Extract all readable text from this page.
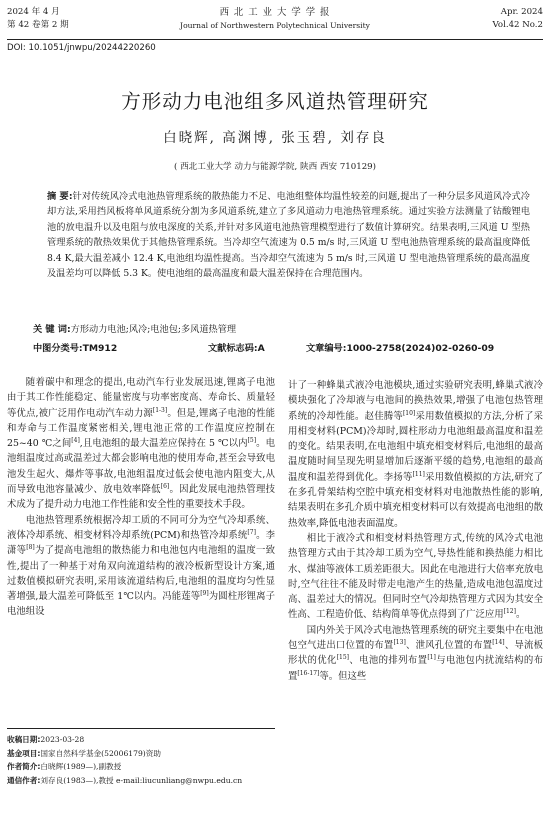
2024 年 4 月
第 42 卷第 2 期
西 北 工 业 大 学 学 报
Journal of Northwestern Polytechnical University
Apr. 2024
Vol.42 No.2
DOI: 10.1051/jnwpu/20244220260
方形动力电池组多风道热管理研究
白晓辉, 高渊博, 张玉碧, 刘存良
( 西北工业大学 动力与能源学院, 陕西 西安 710129)
摘 要:针对传统风冷式电池热管理系统的散热能力不足、电池组整体均温性较差的问题,提出了一种分层多风道风冷式冷却方法,采用挡风板将单风道系统分割为多风道系统,建立了多风道动力电池热管理系统。通过实验方法测量了钴酸锂电池的放电温升以及电阻与放电深度的关系,并针对多风道电池热管理模型进行了数值计算研究。结果表明,三风道 U 型热管理系统的散热效果优于其他热管理系统。当冷却空气流速为 0.5 m/s 时,三风道 U 型电池热管理系统的最高温度降低8.4 K,最大温差减小 12.4 K,电池组均温性提高。当冷却空气流速为 5 m/s 时,三风道 U 型电池热管理系统的最高温度及温差均可以降低 5.3 K。使电池组的最高温度和最大温差保持在合理范围内。
关 键 词:方形动力电池;风冷;电池包;多风道热管理
中图分类号:TM912	文献标志码:A	文章编号:1000-2758(2024)02-0260-09

随着碳中和理念的提出,电动汽车行业发展迅速,锂离子电池由于其工作性能稳定、能量密度与功率密度高、寿命长、质量轻等优点,被广泛用作电动汽车动力源[1-3]。但是,锂离子电池的性能和寿命与工作温度紧密相关,锂电池正常的工作温度应控制在 25~40 ℃之间[4],且电池组的最大温差应保持在 5 ℃以内[5]。电池组温度过高或温差过大都会影响电池的使用寿命,甚至会导致电池发生起火、爆炸等事故,电池组温度过低会使电池内阻变大,从而导致电池容量减少、放电效率降低[6]。因此发展电池热管理技术成为了提升动力电池工作性能和安全性的重要技术手段。

电池热管理系统根据冷却工质的不同可分为空气冷却系统、液体冷却系统、相变材料冷却系统(PCM)和热管冷却系统[7]。李潇等[8]为了提高电池组的散热能力和电池包内电池组的温度一致性,提出了一种基于对角双向流道结构的液冷板新型设计方案,通过数值模拟研究表明,采用该流道结构后,电池组的温度均匀性显著增强,最大温差可降低至 1℃以内。冯能莲等[9]为圆柱形锂离子电池组设

计了一种蜂巢式液冷电池模块,通过实验研究表明,蜂巢式液冷模块强化了冷却液与电池间的换热效果,增强了电池包热管理系统的冷却性能。赵佳腾等[10]采用数值模拟的方法,分析了采用相变材料(PCM)冷却时,圆柱形动力电池组最高温度和温差的变化。结果表明,在电池组中填充相变材料后,电池组的最高温度随时间呈现先明显增加后逐渐平缓的趋势,电池组的最高温度和温差得到优化。李扬等[11]采用数值模拟的方法,研究了在多孔骨架结构空腔中填充相变材料对电池散热性能的影响,结果表明在多孔介质中填充相变材料可以有效提高电池组的散热效率,降低电池表面温度。

相比于液冷式和相变材料热管理方式,传统的风冷式电池热管理方式由于其冷却工质为空气,导热性能和换热能力相比水、煤油等液体工质差距很大。因此在电池进行大倍率充放电时,空气往往不能及时带走电池产生的热量,造成电池包温度过高、温差过大的情况。但同时空气冷却热管理方式因为其安全性高、工程造价低、结构简单等优点得到了广泛应用[12]。

国内外关于风冷式电池热管理系统的研究主要集中在电池包空气进出口位置的布置[13]、泄风孔位置的布置[14]、导流板形状的优化[15]、电池的排列布置[1]与电池包内扰流结构的布置[16-17]等。但这些

收稿日期:2023-03-28
基金项目:国家自然科学基金(52006179)资助
作者简介:白晓辉(1989—),副教授
通信作者:刘存良(1983—),教授 e-mail:liucunliang@nwpu.edu.cn
